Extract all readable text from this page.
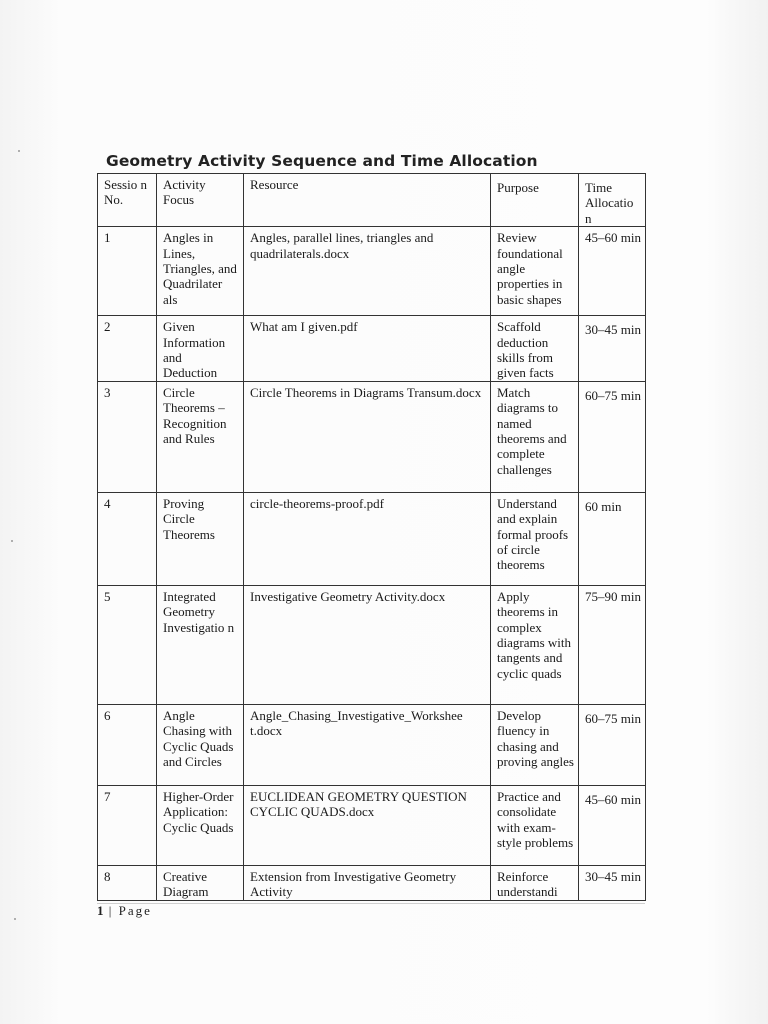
Geometry Activity Sequence and Time Allocation
Sessio n No.	Activity Focus	Resource	Purpose	Time Allocatio n
1	Angles in Lines, Triangles, and Quadrilater als	Angles, parallel lines, triangles and quadrilaterals.docx	Review foundational angle properties in basic shapes	45–60 min
2	Given Information and Deduction	What am I given.pdf	Scaffold deduction skills from given facts	30–45 min
3	Circle Theorems – Recognition and Rules	Circle Theorems in Diagrams Transum.docx	Match diagrams to named theorems and complete challenges	60–75 min
4	Proving Circle Theorems	circle-theorems-proof.pdf	Understand and explain formal proofs of circle theorems	60 min
5	Integrated Geometry Investigatio n	Investigative Geometry Activity.docx	Apply theorems in complex diagrams with tangents and cyclic quads	75–90 min
6	Angle Chasing with Cyclic Quads and Circles	Angle_Chasing_Investigative_Workshee t.docx	Develop fluency in chasing and proving angles	60–75 min
7	Higher-Order Application: Cyclic Quads	EUCLIDEAN GEOMETRY QUESTION CYCLIC QUADS.docx	Practice and consolidate with exam-style problems	45–60 min
8	Creative Diagram	Extension from Investigative Geometry Activity	Reinforce understandi	30–45 min
1 | Page
